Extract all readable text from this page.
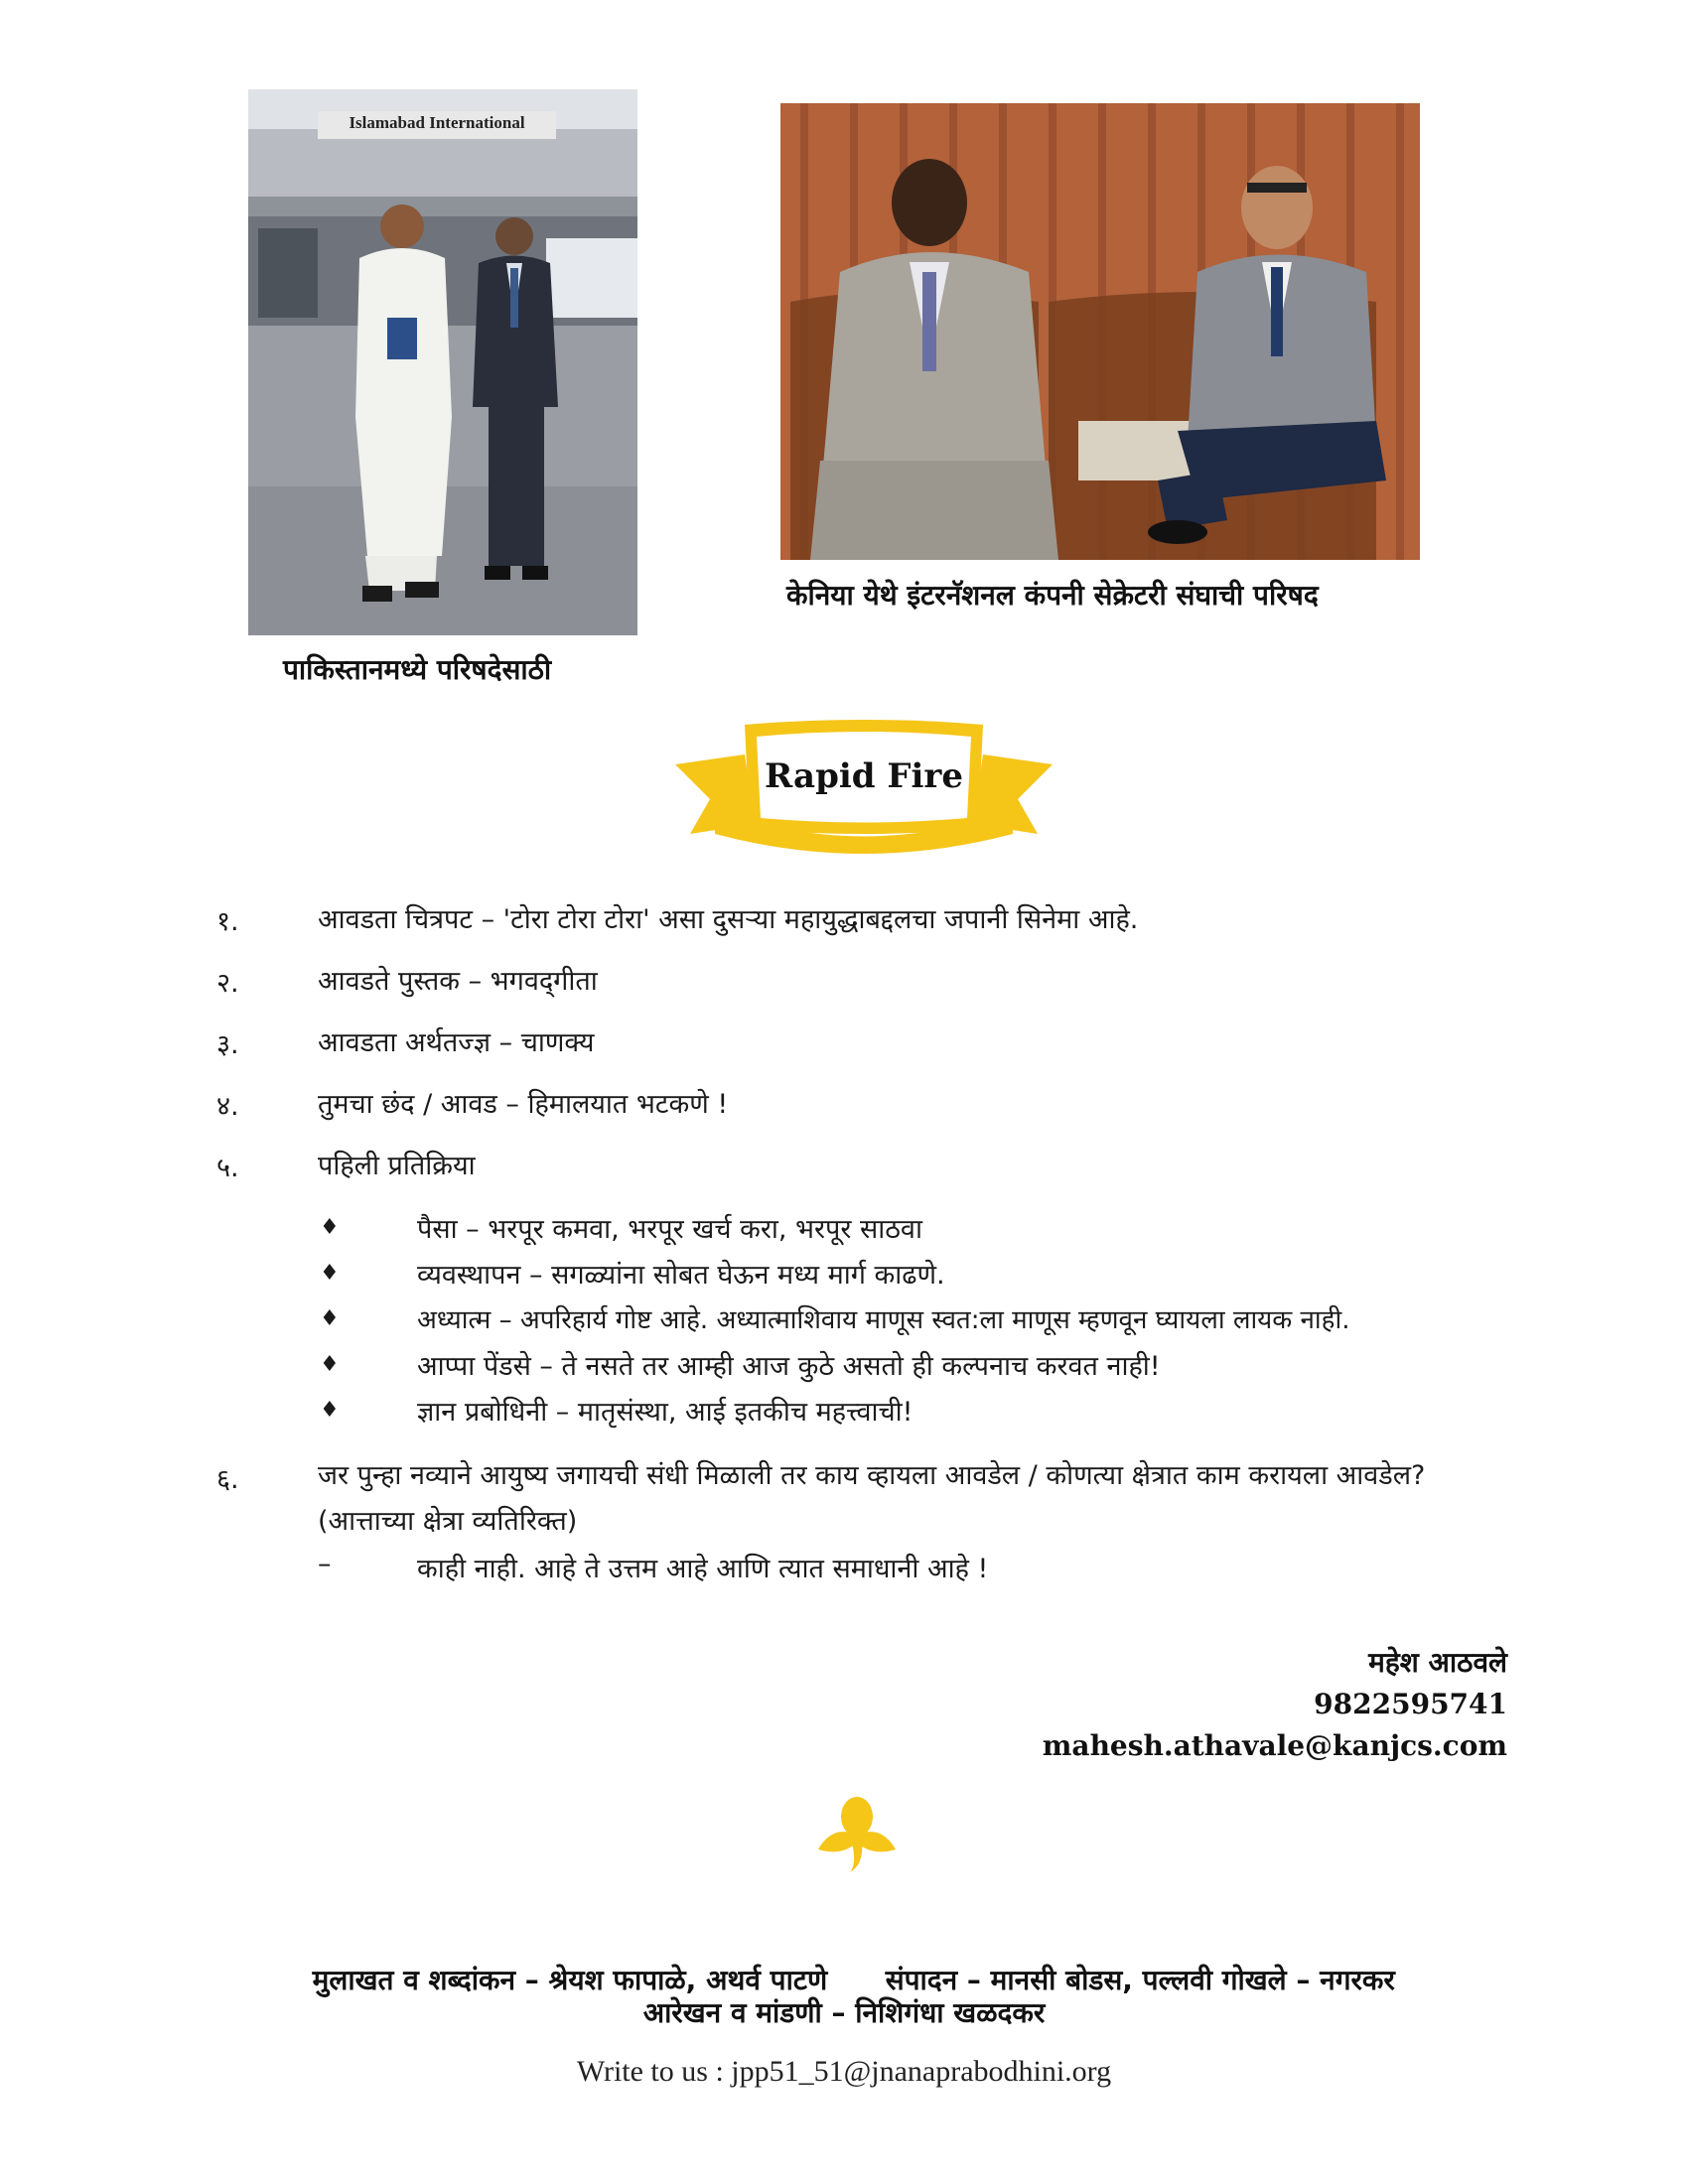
Islamabad International
पाकिस्तानमध्ये परिषदेसाठी
केनिया येथे इंटरनॅशनल कंपनी सेक्रेटरी संघाची परिषद
Rapid Fire
१.	आवडता चित्रपट – 'टोरा टोरा टोरा' असा दुसऱ्या महायुद्धाबद्दलचा जपानी सिनेमा आहे.
२.	आवडते पुस्तक – भगवद्‌गीता
३.	आवडता अर्थतज्ज्ञ – चाणक्य
४.	तुमचा छंद / आवड – हिमालयात भटकणे !
५.	पहिली प्रतिक्रिया
♦	पैसा – भरपूर कमवा, भरपूर खर्च करा, भरपूर साठवा
♦	व्यवस्थापन – सगळ्यांना सोबत घेऊन मध्य मार्ग काढणे.
♦	अध्यात्म – अपरिहार्य गोष्ट आहे. अध्यात्माशिवाय माणूस स्वत:ला माणूस म्हणवून घ्यायला लायक नाही.
♦	आप्पा पेंडसे – ते नसते तर आम्ही आज कुठे असतो ही कल्पनाच करवत नाही!
♦	ज्ञान प्रबोधिनी – मातृसंस्था, आई इतकीच महत्त्वाची!
६.	जर पुन्हा नव्याने आयुष्य जगायची संधी मिळाली तर काय व्हायला आवडेल / कोणत्या क्षेत्रात काम करायला आवडेल? (आत्ताच्या क्षेत्रा व्यतिरिक्त)
–	काही नाही. आहे ते उत्तम आहे आणि त्यात समाधानी आहे !
महेश आठवले
9822595741
mahesh.athavale@kanjcs.com

मुलाखत व शब्दांकन – श्रेयश फापाळे, अथर्व पाटणे संपादन – मानसी बोडस, पल्लवी गोखले – नगरकर

आरेखन व मांडणी – निशिगंधा खळदकर
Write to us : jpp51_51@jnanaprabodhini.org
